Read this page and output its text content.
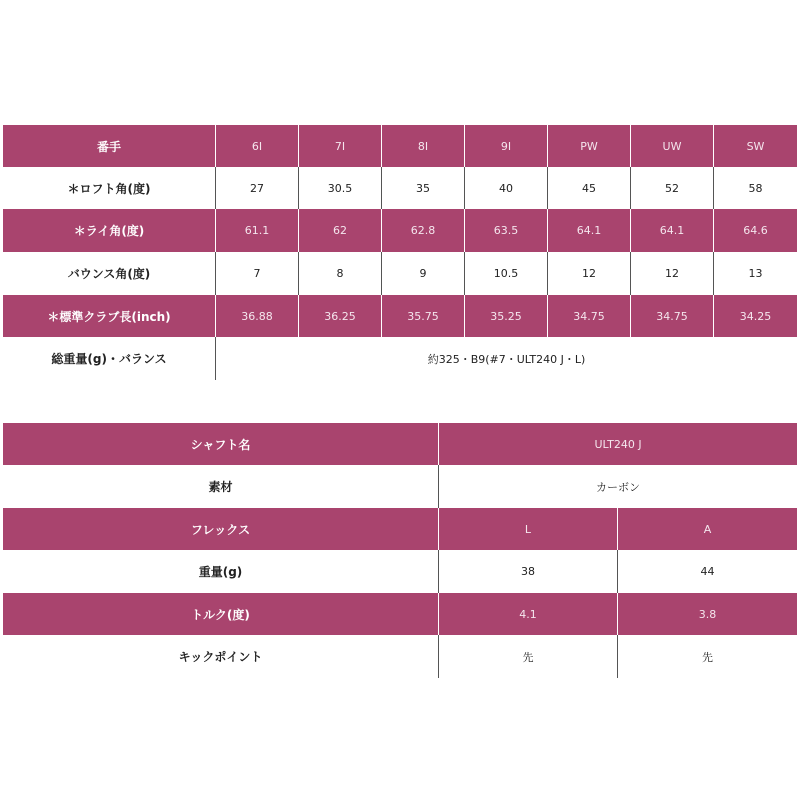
番手	6I	7I	8I	9I	PW	UW	SW
＊ロフト角(度)	27	30.5	35	40	45	52	58
＊ライ角(度)	61.1	62	62.8	63.5	64.1	64.1	64.6
バウンス角(度)	7	8	9	10.5	12	12	13
＊標準クラブ長(inch)	36.88	36.25	35.75	35.25	34.75	34.75	34.25
総重量(g)・バランス	約325・B9(#7・ULT240 J・L)
シャフト名	ULT240 J
素材	カーボン
フレックス	L	A
重量(g)	38	44
トルク(度)	4.1	3.8
キックポイント	先	先
